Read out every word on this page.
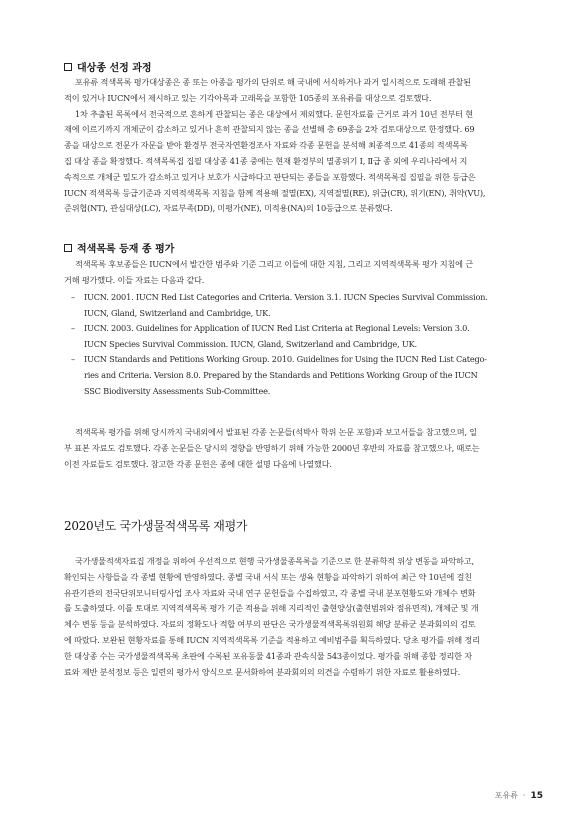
대상종 선정 과정
포유류 적색목록 평가대상종은 종 또는 아종을 평가의 단위로 해 국내에 서식하거나 과거 일시적으로 도래해 관찰된
적이 있거나 IUCN에서 제시하고 있는 기각아목과 고래목을 포함한 105종의 포유류를 대상으로 검토했다.
1차 추출된 목록에서 전국적으로 흔하게 관찰되는 종은 대상에서 제외했다. 문헌자료를 근거로 과거 10년 전부터 현
재에 이르기까지 개체군이 감소하고 있거나 흔히 관찰되지 않는 종을 선별해 총 69종을 2차 검토대상으로 한정했다. 69
종을 대상으로 전문가 자문을 받아 환경부 전국자연환경조사 자료와 각종 문헌을 분석해 최종적으로 41종의 적색목록
집 대상 종을 확정했다. 적색목록집 집필 대상종 41종 중에는 현재 환경부의 멸종위기 Ⅰ, Ⅱ급 종 외에 우리나라에서 지
속적으로 개체군 밀도가 감소하고 있거나 보호가 시급하다고 판단되는 종들을 포함했다. 적색목록집 집필을 위한 등급은
IUCN 적색목록 등급기준과 지역적색목록 지침을 함께 적용해 절멸(EX), 지역절멸(RE), 위급(CR), 위기(EN), 취약(VU),
준위협(NT), 관심대상(LC), 자료부족(DD), 미평가(NE), 미적용(NA)의 10등급으로 분류했다.
적색목록 등재 종 평가
적색목록 후보종들은 IUCN에서 발간한 범주와 기준 그리고 이들에 대한 지침, 그리고 지역적색목록 평가 지침에 근
거해 평가했다. 이들 자료는 다음과 같다.
– IUCN. 2001. IUCN Red List Categories and Criteria. Version 3.1. IUCN Species Survival Commission.
IUCN, Gland, Switzerland and Cambridge, UK.
– IUCN. 2003. Guidelines for Application of IUCN Red List Criteria at Regional Levels: Version 3.0.
IUCN Species Survival Commission. IUCN, Gland, Switzerland and Cambridge, UK.
– IUCN Standards and Petitions Working Group. 2010. Guidelines for Using the IUCN Red List Catego-
ries and Criteria. Version 8.0. Prepared by the Standards and Petitions Working Group of the IUCN
SSC Biodiversity Assessments Sub-Committee.
적색목록 평가를 위해 당시까지 국내외에서 발표된 각종 논문들(석박사 학위 논문 포함)과 보고서들을 참고했으며, 일
부 표본 자료도 검토했다. 각종 논문들은 당시의 경향을 반영하기 위해 가능한 2000년 후반의 자료를 참고했으나, 때로는
이전 자료들도 검토했다. 참고한 각종 문헌은 종에 대한 설명 다음에 나열했다.
2020년도 국가생물적색목록 재평가
국가생물적색자료집 개정을 위하여 우선적으로 현행 국가생물종목록을 기준으로 한 분류학적 위상 변동을 파악하고,
확인되는 사항들을 각 종별 현황에 반영하였다. 종별 국내 서식 또는 생육 현황을 파악하기 위하여 최근 약 10년에 걸친
유관기관의 전국단위모니터링사업 조사 자료와 국내 연구 문헌들을 수집하였고, 각 종별 국내 분포현황도와 개체수 변화
를 도출하였다. 이를 토대로 지역적색목록 평가 기준 적용을 위해 지리적인 출현양상(출현범위와 점유면적), 개체군 및 개
체수 변동 등을 분석하였다. 자료의 정확도나 적합 여부의 판단은 국가생물적색목록위원회 해당 분류군 분과회의의 검토
에 따랐다. 보완된 현황자료를 통해 IUCN 지역적색목록 기준을 적용하고 예비범주를 획득하였다. 당초 평가를 위해 정리
한 대상종 수는 국가생물적색목록 초판에 수록된 포유동물 41종과 관속식물 543종이었다. 평가를 위해 종합 정리한 자
료와 제반 분석정보 등은 일련의 평가서 양식으로 문서화하여 분과회의의 의견을 수렴하기 위한 자료로 활용하였다.
포유류 · 15
